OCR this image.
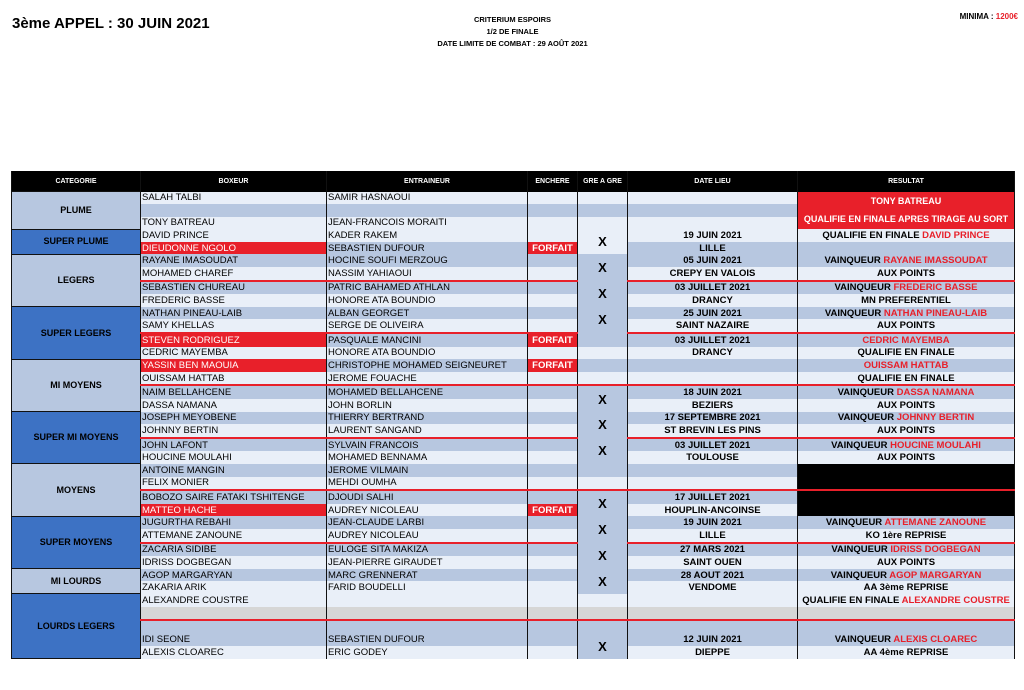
3ème APPEL : 30 JUIN 2021	CRITERIUM ESPOIRS
1/2 DE FINALE
DATE LIMITE DE COMBAT : 29 AOÛT 2021
MINIMA : 1200€
CATEGORIE	BOXEUR	ENTRAINEUR	ENCHERE	GRE A GRE	DATE LIEU	RESULTAT
PLUME	SALAH TALBI	SAMIR HASNAOUI				TONY BATREAU
QUALIFIE EN FINALE APRES TIRAGE AU SORT

	TONY BATREAU	JEAN-FRANCOIS MORAITI				
SUPER PLUME	DAVID PRINCE	KADER RAKEM		X	19 JUIN 2021	QUALIFIE EN FINALE DAVID PRINCE
	DIEUDONNE NGOLO	SEBASTIEN DUFOUR	FORFAIT		LILLE	
LEGERS	RAYANE IMASOUDAT	HOCINE SOUFI MERZOUG		X	05 JUIN 2021	VAINQUEUR RAYANE IMASSOUDAT
	MOHAMED CHAREF	NASSIM YAHIAOUI			CREPY EN VALOIS	AUX POINTS
	SEBASTIEN CHUREAU	PATRIC BAHAMED ATHLAN		X	03 JUILLET 2021	VAINQUEUR FREDERIC BASSE
	FREDERIC BASSE	HONORE ATA BOUNDIO			DRANCY	MN PREFERENTIEL
SUPER LEGERS	NATHAN PINEAU-LAIB	ALBAN GEORGET		X	25 JUIN 2021	VAINQUEUR NATHAN PINEAU-LAIB
	SAMY KHELLAS	SERGE DE OLIVEIRA			SAINT NAZAIRE	AUX POINTS
	STEVEN RODRIGUEZ	PASQUALE MANCINI	FORFAIT		03 JUILLET 2021	CEDRIC MAYEMBA
	CEDRIC MAYEMBA	HONORE ATA BOUNDIO			DRANCY	QUALIFIE EN FINALE
MI MOYENS	YASSIN BEN MAOUIA	CHRISTOPHE MOHAMED SEIGNEURET	FORFAIT			OUISSAM HATTAB
	OUISSAM HATTAB	JEROME FOUACHE				QUALIFIE EN FINALE
	NAIM BELLAHCENE	MOHAMED BELLAHCENE		X	18 JUIN 2021	VAINQUEUR DASSA NAMANA
	DASSA NAMANA	JOHN BORLIN			BEZIERS	AUX POINTS
SUPER MI MOYENS	JOSEPH MEYOBENE	THIERRY BERTRAND		X	17 SEPTEMBRE 2021	VAINQUEUR JOHNNY BERTIN
	JOHNNY BERTIN	LAURENT SANGAND			ST BREVIN LES PINS	AUX POINTS
	JOHN LAFONT	SYLVAIN FRANCOIS		X	03 JUILLET 2021	VAINQUEUR HOUCINE MOULAHI
	HOUCINE MOULAHI	MOHAMED BENNAMA			TOULOUSE	AUX POINTS
MOYENS	ANTOINE MANGIN	JEROME VILMAIN				
	FELIX MONIER	MEHDI OUMHA				
	BOBOZO SAIRE FATAKI TSHITENGE	DJOUDI SALHI		X	17 JUILLET 2021	
	MATTEO HACHE	AUDREY NICOLEAU	FORFAIT		HOUPLIN-ANCOINSE	
SUPER MOYENS	JUGURTHA REBAHI	JEAN-CLAUDE LARBI		X	19 JUIN 2021	VAINQUEUR ATTEMANE ZANOUNE
	ATTEMANE ZANOUNE	AUDREY NICOLEAU			LILLE	KO 1ère REPRISE
	ZACARIA SIDIBE	EULOGE SITA MAKIZA		X	27 MARS 2021	VAINQUEUR IDRISS DOGBEGAN
	IDRISS DOGBEGAN	JEAN-PIERRE GIRAUDET			SAINT OUEN	AUX POINTS
MI LOURDS	AGOP MARGARYAN	MARC GRENNERAT		X	28 AOUT 2021	VAINQUEUR AGOP MARGARYAN
	ZAKARIA ARIK	FARID BOUDELLI			VENDOME	AA 3ème REPRISE
LOURDS LEGERS	ALEXANDRE COUSTRE					QUALIFIE EN FINALE ALEXANDRE COUSTRE

	IDI SEONE	SEBASTIEN DUFOUR		X	12 JUIN 2021	VAINQUEUR ALEXIS CLOAREC
	ALEXIS CLOAREC	ERIC GODEY			DIEPPE	AA 4ème REPRISE
